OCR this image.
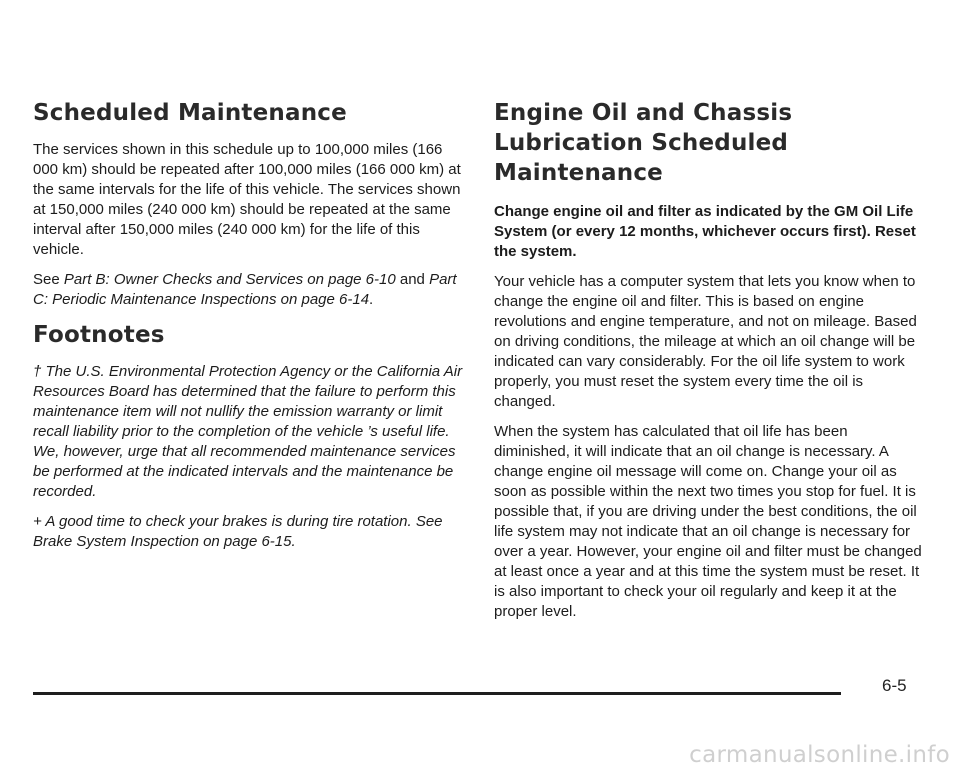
Scheduled Maintenance

The services shown in this schedule up to 100,000 miles (166 000 km) should be repeated after 100,000 miles (166 000 km) at the same intervals for the life of this vehicle. The services shown at 150,000 miles (240 000 km) should be repeated at the same interval after 150,000 miles (240 000 km) for the life of this vehicle.

See Part B: Owner Checks and Services on page 6-10 and Part C: Periodic Maintenance Inspections on page 6-14.

Footnotes

† The U.S. Environmental Protection Agency or the California Air Resources Board has determined that the failure to perform this maintenance item will not nullify the emission warranty or limit recall liability prior to the completion of the vehicle ’s useful life. We, however, urge that all recommended maintenance services be performed at the indicated intervals and the maintenance be recorded.

+ A good time to check your brakes is during tire rotation. See Brake System Inspection on page 6-15.

Engine Oil and Chassis Lubrication Scheduled Maintenance

Change engine oil and filter as indicated by the GM Oil Life System (or every 12 months, whichever occurs first). Reset the system.

Your vehicle has a computer system that lets you know when to change the engine oil and filter. This is based on engine revolutions and engine temperature, and not on mileage. Based on driving conditions, the mileage at which an oil change will be indicated can vary considerably. For the oil life system to work properly, you must reset the system every time the oil is changed.

When the system has calculated that oil life has been diminished, it will indicate that an oil change is necessary. A change engine oil message will come on. Change your oil as soon as possible within the next two times you stop for fuel. It is possible that, if you are driving under the best conditions, the oil life system may not indicate that an oil change is necessary for over a year. However, your engine oil and filter must be changed at least once a year and at this time the system must be reset. It is also important to check your oil regularly and keep it at the proper level.

6-5
carmanualsonline.info
